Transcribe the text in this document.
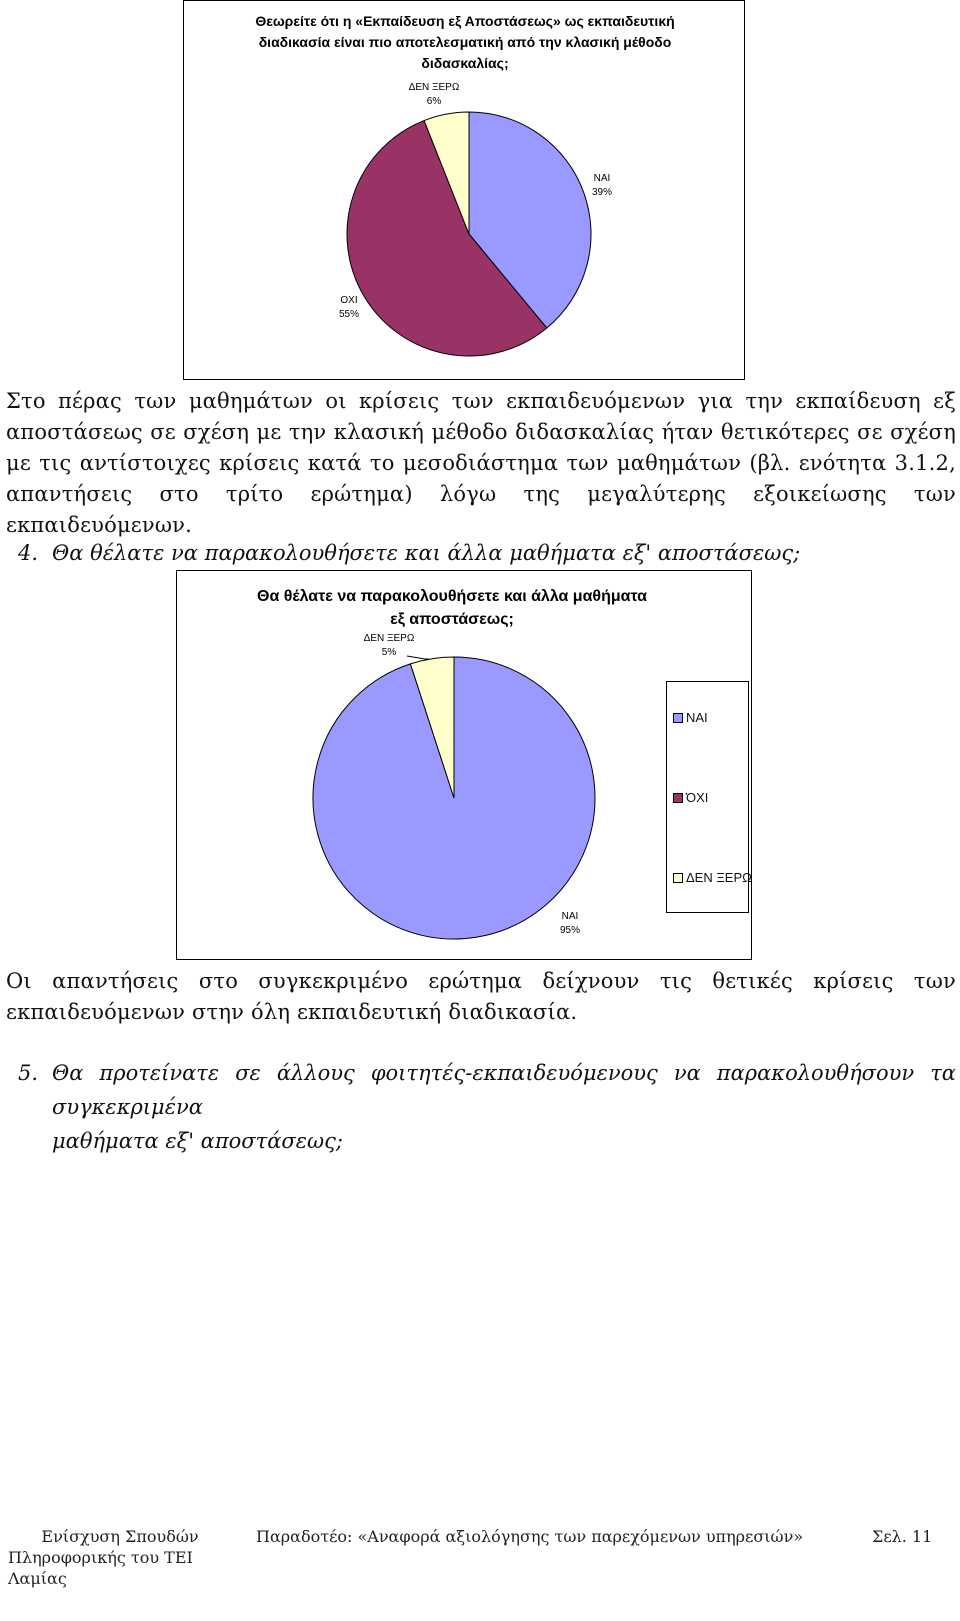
Θεωρείτε ότι η «Εκπαίδευση εξ Αποστάσεως» ως εκπαιδευτική
διαδικασία είναι πιο αποτελεσματική από την κλασική μέθοδο
διδασκαλίας;
ΝΑΙ
39%
ΟΧΙ
55%
ΔΕΝ ΞΕΡΩ
6%

Στο πέρας των μαθημάτων οι κρίσεις των εκπαιδευόμενων για την εκπαίδευση εξ αποστάσεως σε σχέση με την κλασική μέθοδο διδασκαλίας ήταν θετικότερες σε σχέση με τις αντίστοιχες κρίσεις κατά το μεσοδιάστημα των μαθημάτων (βλ. ενότητα 3.1.2, απαντήσεις στο τρίτο ερώτημα) λόγω της μεγαλύτερης εξοικείωσης των εκπαιδευόμενων.

4. Θα θέλατε να παρακολουθήσετε και άλλα μαθήματα εξ' αποστάσεως;

Θα θέλατε να παρακολουθήσετε και άλλα μαθήματα
εξ αποστάσεως;
ΝΑΙ
95%
ΔΕΝ ΞΕΡΩ
5%
ΝΑΙ
ΌΧΙ
ΔΕΝ ΞΕΡΩ

Οι απαντήσεις στο συγκεκριμένο ερώτημα δείχνουν τις θετικές κρίσεις των εκπαιδευόμενων στην όλη εκπαιδευτική διαδικασία.

5. Θα προτείνατε σε άλλους φοιτητές-εκπαιδευόμενους να παρακολουθήσουν τα συγκεκριμένα
μαθήματα εξ' αποστάσεως;
Ενίσχυση Σπουδών
Πληροφορικής του ΤΕΙ Λαμίας
Παραδοτέο: «Αναφορά αξιολόγησης των παρεχόμενων υπηρεσιών»	Σελ. 11
